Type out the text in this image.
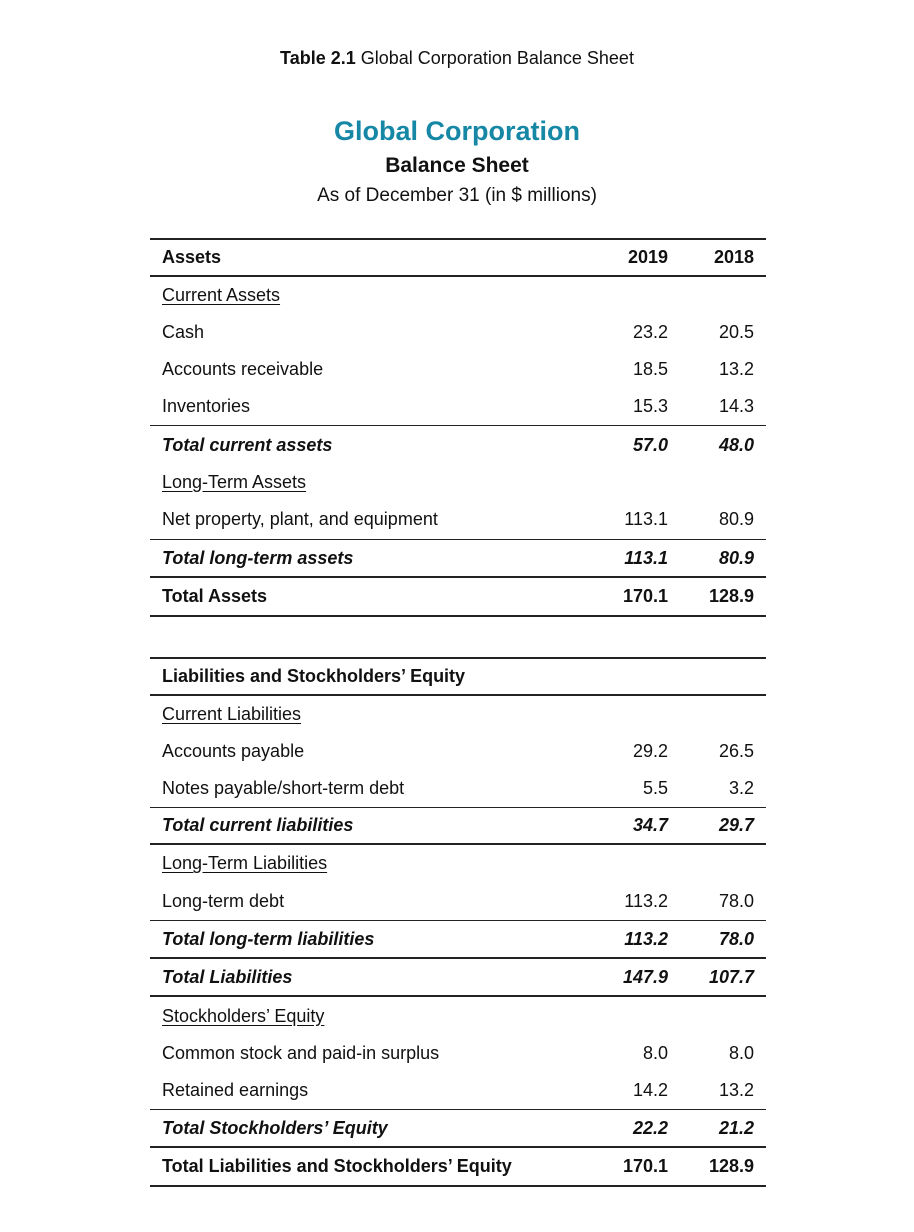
Table 2.1 Global Corporation Balance Sheet
Global Corporation
Balance Sheet
As of December 31 (in $ millions)
Assets	2019	2018
Current Assets
Cash	23.2	20.5
Accounts receivable	18.5	13.2
Inventories	15.3	14.3
Total current assets	57.0	48.0
Long-Term Assets
Net property, plant, and equipment	113.1	80.9
Total long-term assets	113.1	80.9
Total Assets	170.1	128.9
Liabilities and Stockholders’ Equity
Current Liabilities
Accounts payable	29.2	26.5
Notes payable/short-term debt	5.5	3.2
Total current liabilities	34.7	29.7
Long-Term Liabilities
Long-term debt	113.2	78.0
Total long-term liabilities	113.2	78.0
Total Liabilities	147.9	107.7
Stockholders’ Equity
Common stock and paid-in surplus	8.0	8.0
Retained earnings	14.2	13.2
Total Stockholders’ Equity	22.2	21.2
Total Liabilities and Stockholders’ Equity	170.1	128.9
